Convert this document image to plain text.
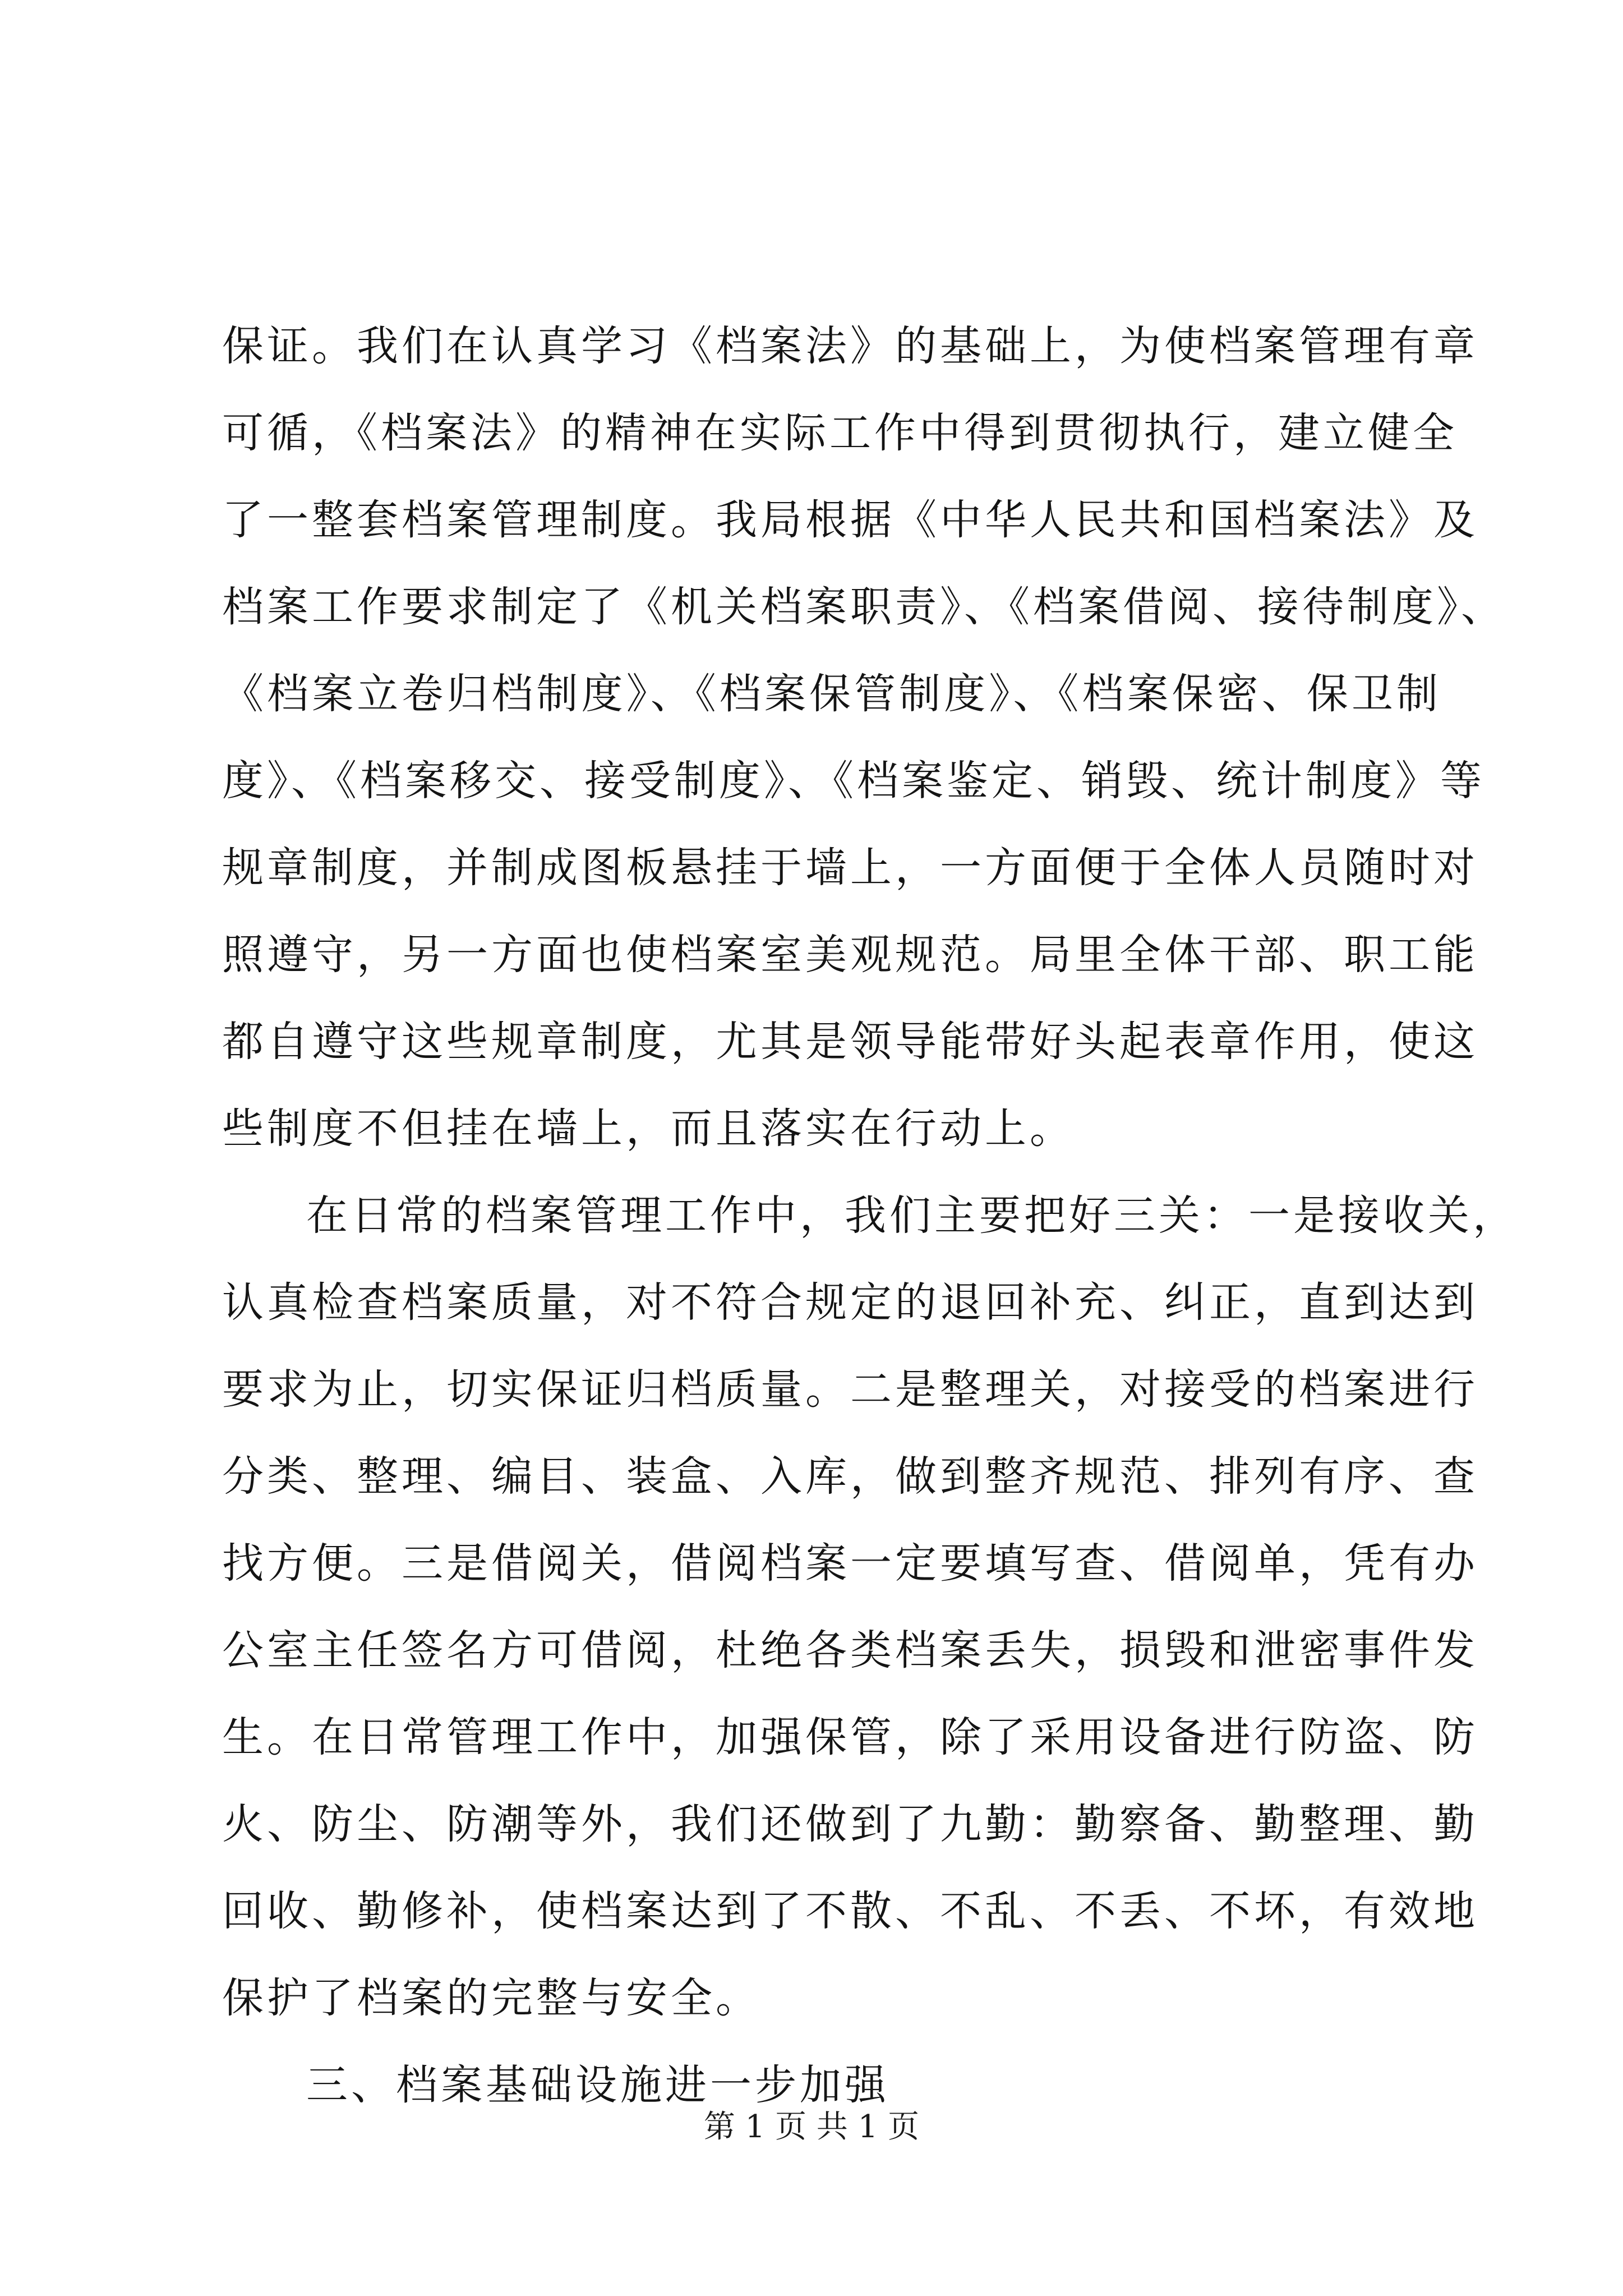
保证。我们在认真学习《档案法》的基础上，为使档案管理有章
可循，《档案法》的精神在实际工作中得到贯彻执行，建立健全
了一整套档案管理制度。我局根据《中华人民共和国档案法》及
档案工作要求制定了《机关档案职责》、《档案借阅、接待制度》、
《档案立卷归档制度》、《档案保管制度》、《档案保密、保卫制
度》、《档案移交、接受制度》、《档案鉴定、销毁、统计制度》等
规章制度，并制成图板悬挂于墙上，一方面便于全体人员随时对
照遵守，另一方面也使档案室美观规范。局里全体干部、职工能
都自遵守这些规章制度，尤其是领导能带好头起表章作用，使这
些制度不但挂在墙上，而且落实在行动上。
在日常的档案管理工作中，我们主要把好三关：一是接收关，
认真检查档案质量，对不符合规定的退回补充、纠正，直到达到
要求为止，切实保证归档质量。二是整理关，对接受的档案进行
分类、整理、编目、装盒、入库，做到整齐规范、排列有序、查
找方便。三是借阅关，借阅档案一定要填写查、借阅单，凭有办
公室主任签名方可借阅，杜绝各类档案丢失，损毁和泄密事件发
生。在日常管理工作中，加强保管，除了采用设备进行防盗、防
火、防尘、防潮等外，我们还做到了九勤：勤察备、勤整理、勤
回收、勤修补，使档案达到了不散、不乱、不丢、不坏，有效地
保护了档案的完整与安全。
三、档案基础设施进一步加强
第 1 页 共 1 页
